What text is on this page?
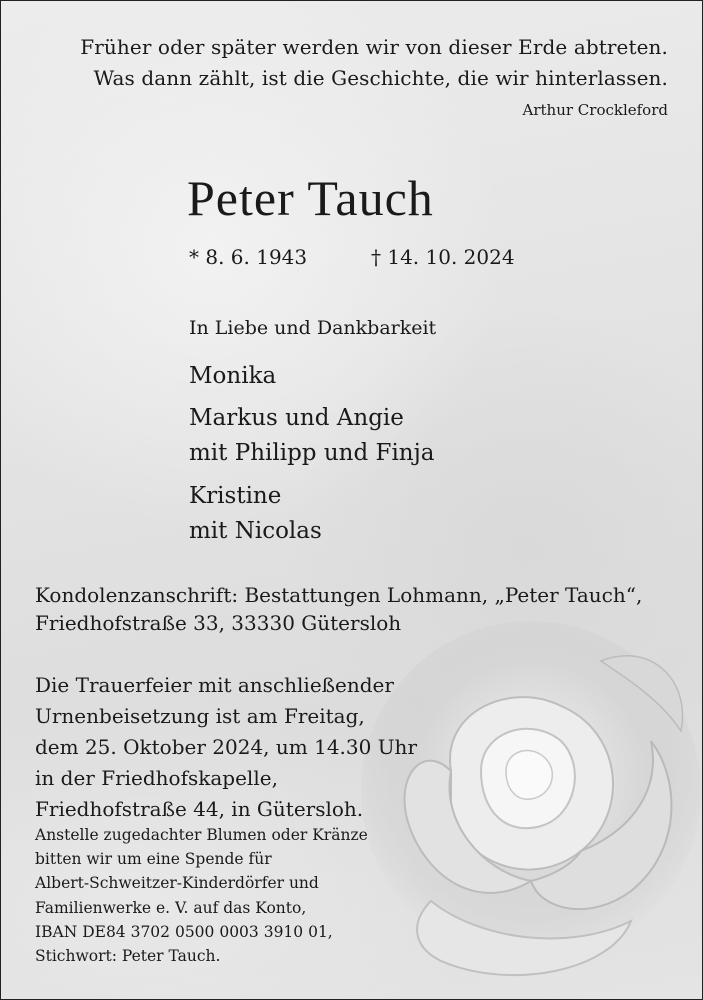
Früher oder später werden wir von dieser Erde abtreten.
Was dann zählt, ist die Geschichte, die wir hinterlassen.
Arthur Crockleford
Peter Tauch
* 8. 6. 1943	† 14. 10. 2024
In Liebe und Dankbarkeit
Monika
Markus und Angie
mit Philipp und Finja
Kristine
mit Nicolas
Kondolenzanschrift: Bestattungen Lohmann, „Peter Tauch“,
Friedhofstraße 33, 33330 Gütersloh
Die Trauerfeier mit anschließender
Urnenbeisetzung ist am Freitag,
dem 25. Oktober 2024, um 14.30 Uhr
in der Friedhofskapelle,
Friedhofstraße 44, in Gütersloh.
Anstelle zugedachter Blumen oder Kränze
bitten wir um eine Spende für
Albert-Schweitzer-Kinderdörfer und
Familienwerke e. V. auf das Konto,
IBAN DE84 3702 0500 0003 3910 01,
Stichwort: Peter Tauch.
